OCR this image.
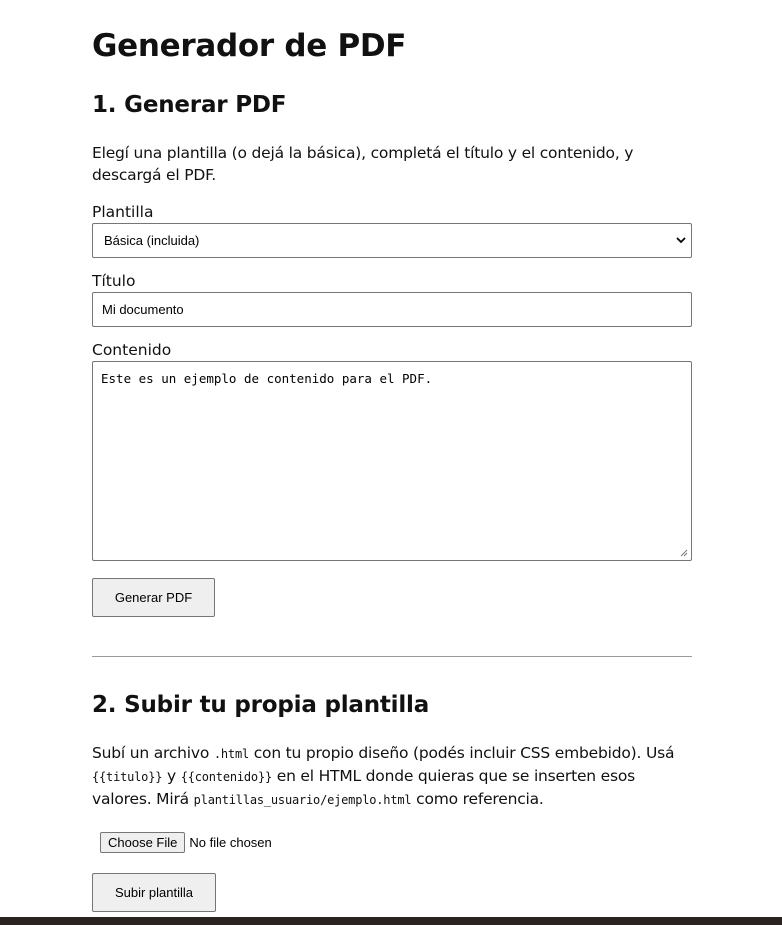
Generador de PDF
1. Generar PDF

Elegí una plantilla (o dejá la básica), completá el título y el contenido, y descargá el PDF.

Plantilla
Básica (incluida)
Título
Mi documento
Contenido
Este es un ejemplo de contenido para el PDF.
Generar PDF
2. Subir tu propia plantilla

Subí un archivo .html con tu propio diseño (podés incluir CSS embebido). Usá {{titulo}} y {{contenido}} en el HTML donde quieras que se inserten esos valores. Mirá plantillas_usuario/ejemplo.html como referencia.

Choose File No file chosen
Subir plantilla
